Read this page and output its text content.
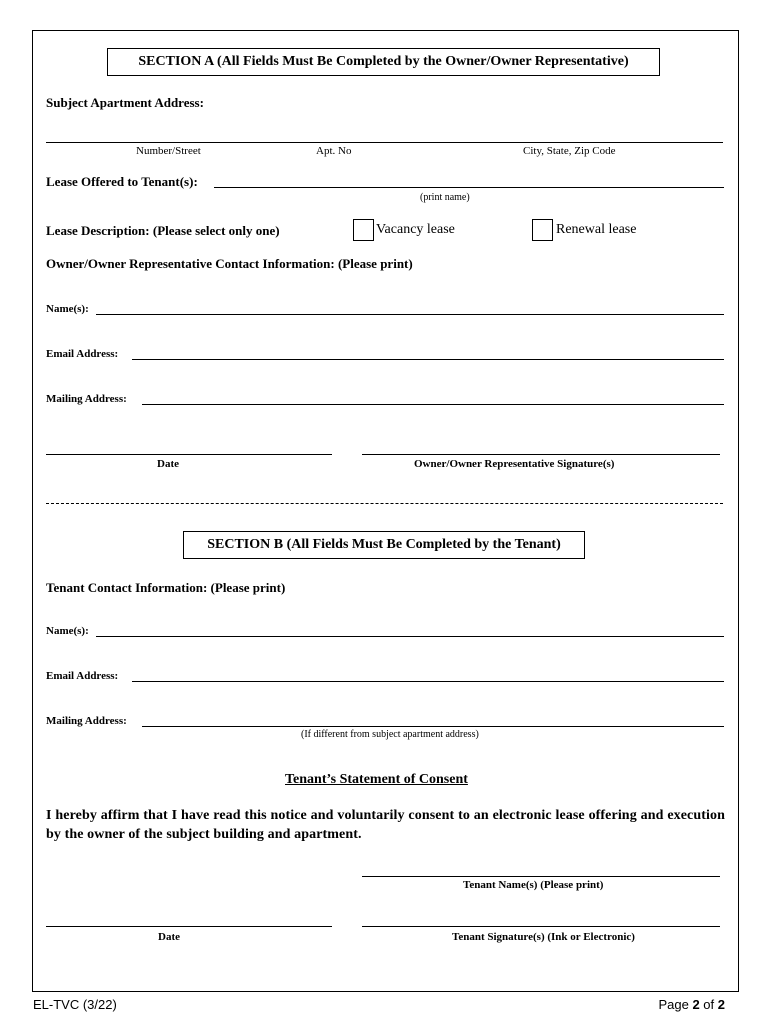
SECTION A (All Fields Must Be Completed by the Owner/Owner Representative)
Subject Apartment Address:
Number/Street	Apt. No	City, State, Zip Code
Lease Offered to Tenant(s):
(print name)
Lease Description: (Please select only one)	Vacancy lease	Renewal lease
Owner/Owner Representative Contact Information: (Please print)
Name(s):
Email Address:
Mailing Address:
Date	Owner/Owner Representative Signature(s)
SECTION B (All Fields Must Be Completed by the Tenant)
Tenant Contact Information: (Please print)
Name(s):
Email Address:
Mailing Address:
(If different from subject apartment address)
Tenant’s Statement of Consent
I hereby affirm that I have read this notice and voluntarily consent to an electronic lease offering and execution by the owner of the subject building and apartment.
Tenant Name(s) (Please print)
Date	Tenant Signature(s) (Ink or Electronic)
EL-TVC (3/22)	Page 2 of 2
